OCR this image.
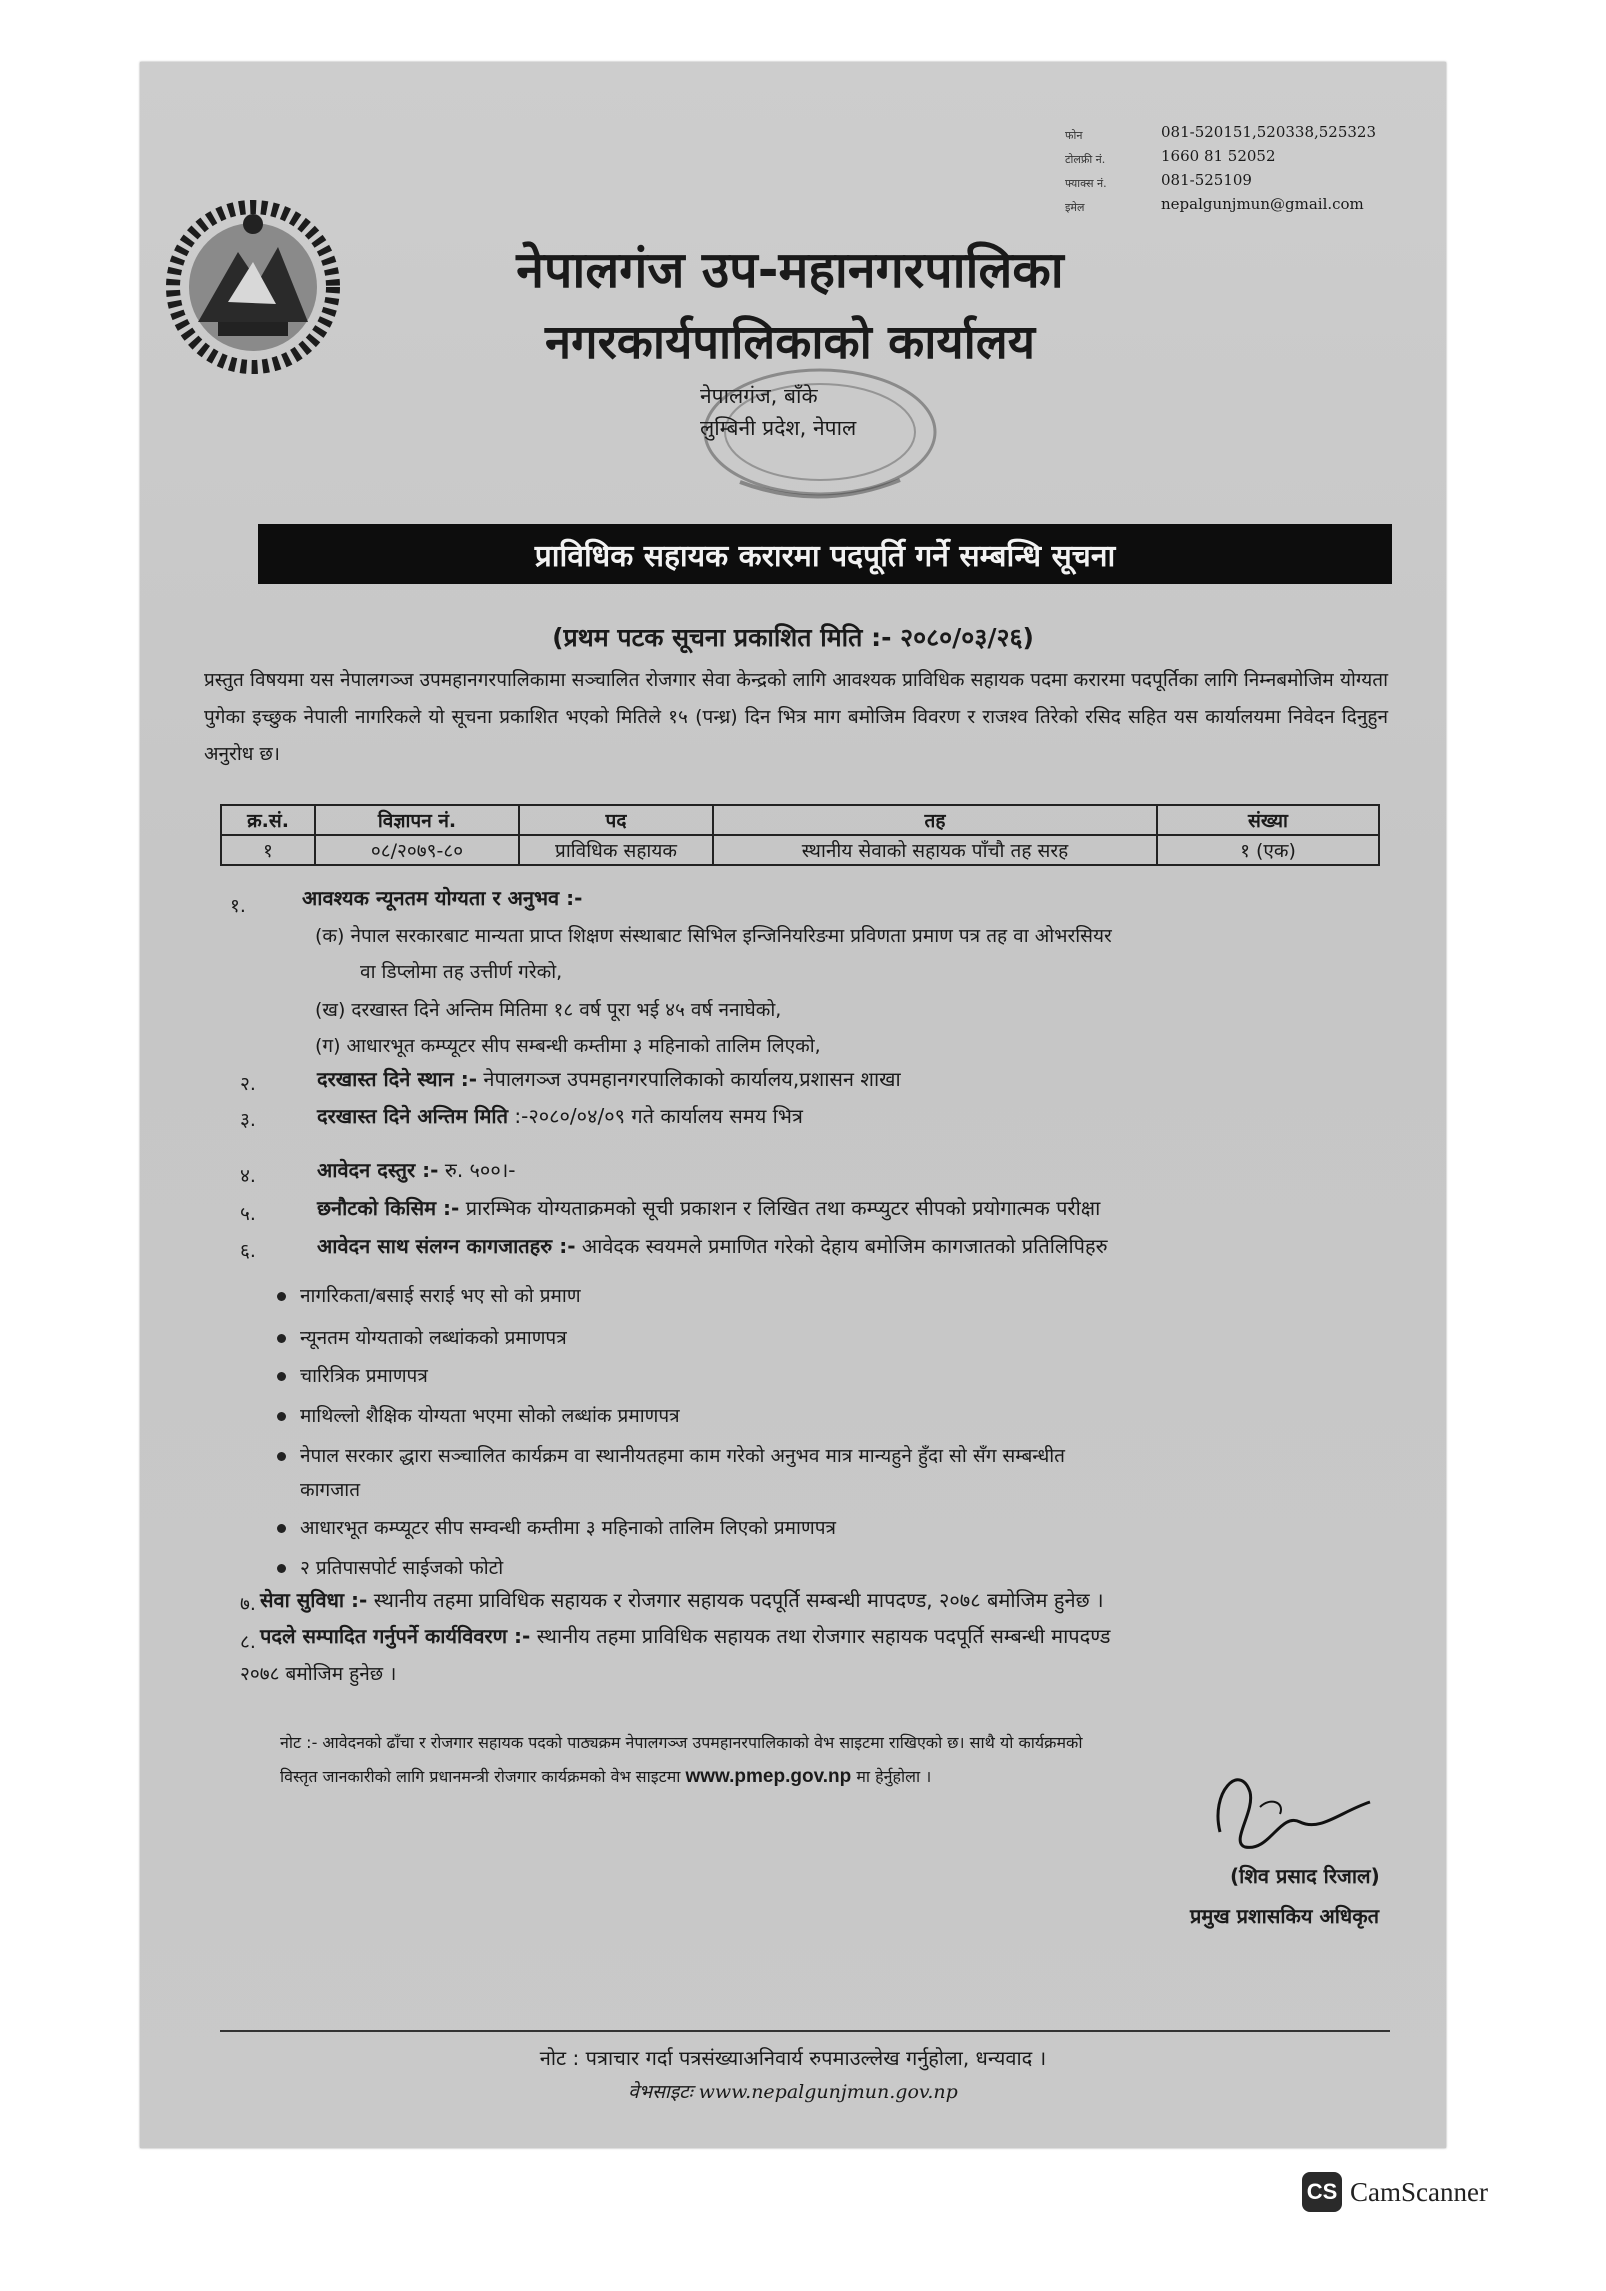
फोन	081-520151,520338,525323
टोलफ्री नं.	1660 81 52052
फ्याक्स नं.	081-525109
इमेल	nepalgunjmun@gmail.com
नेपालगंज उप-महानगरपालिका
नगरकार्यपालिकाको कार्यालय
नेपालगंज, बाँके
लुम्बिनी प्रदेश, नेपाल
प्राविधिक सहायक करारमा पदपूर्ति गर्ने सम्बन्धि सूचना
(प्रथम पटक सूचना प्रकाशित मिति :- २०८०/०३/२६)
प्रस्तुत विषयमा यस नेपालगञ्ज उपमहानगरपालिकामा सञ्चालित रोजगार सेवा केन्द्रको लागि आवश्यक प्राविधिक सहायक पदमा करारमा पदपूर्तिका लागि निम्नबमोजिम योग्यता पुगेका इच्छुक नेपाली नागरिकले यो सूचना प्रकाशित भएको मितिले १५ (पन्ध्र) दिन भित्र माग बमोजिम विवरण र राजश्व तिरेको रसिद सहित यस कार्यालयमा निवेदन दिनुहुन अनुरोध छ।
क्र.सं.	विज्ञापन नं.	पद	तह	संख्या
१	०८/२०७९-८०	प्राविधिक सहायक	स्थानीय सेवाको सहायक पाँचौ तह सरह	१ (एक)
१.	आवश्यक न्यूनतम योग्यता र अनुभव :-
(क) नेपाल सरकारबाट मान्यता प्राप्त शिक्षण संस्थाबाट सिभिल इन्जिनियरिङमा प्रविणता प्रमाण पत्र तह वा ओभरसियर
वा डिप्लोमा तह उत्तीर्ण गरेको,
(ख) दरखास्त दिने अन्तिम मितिमा १८ वर्ष पूरा भई ४५ वर्ष ननाघेको,
(ग) आधारभूत कम्प्यूटर सीप सम्बन्धी कम्तीमा ३ महिनाको तालिम लिएको,
२.	दरखास्त दिने स्थान :- नेपालगञ्ज उपमहानगरपालिकाको कार्यालय,प्रशासन शाखा
३.	दरखास्त दिने अन्तिम मिति :-२०८०/०४/०९ गते कार्यालय समय भित्र
४.	आवेदन दस्तुर :- रु. ५००।-
५.	छनौटको किसिम :- प्रारम्भिक योग्यताक्रमको सूची प्रकाशन र लिखित तथा कम्प्युटर सीपको प्रयोगात्मक परीक्षा
६.	आवेदन साथ संलग्न कागजातहरु :- आवेदक स्वयमले प्रमाणित गरेको देहाय बमोजिम कागजातको प्रतिलिपिहरु
नागरिकता/बसाई सराई भए सो को प्रमाण
न्यूनतम योग्यताको लब्धांकको प्रमाणपत्र
चारित्रिक प्रमाणपत्र
माथिल्लो शैक्षिक योग्यता भएमा सोको लब्धांक प्रमाणपत्र
नेपाल सरकार द्धारा सञ्चालित कार्यक्रम वा स्थानीयतहमा काम गरेको अनुभव मात्र मान्यहुने हुँदा सो सँग सम्बन्धीत
कागजात
आधारभूत कम्प्यूटर सीप सम्वन्धी कम्तीमा ३ महिनाको तालिम लिएको प्रमाणपत्र
२ प्रतिपासपोर्ट साईजको फोटो
७. सेवा सुविधा :- स्थानीय तहमा प्राविधिक सहायक र रोजगार सहायक पदपूर्ति सम्बन्धी मापदण्ड, २०७८ बमोजिम हुनेछ ।
८. पदले सम्पादित गर्नुपर्ने कार्यविवरण :- स्थानीय तहमा प्राविधिक सहायक तथा रोजगार सहायक पदपूर्ति सम्बन्धी मापदण्ड
२०७८ बमोजिम हुनेछ ।
नोट :- आवेदनको ढाँचा र रोजगार सहायक पदको पाठ्यक्रम नेपालगञ्ज उपमहानरपालिकाको वेभ साइटमा राखिएको छ। साथै यो कार्यक्रमको
विस्तृत जानकारीको लागि प्रधानमन्त्री रोजगार कार्यक्रमको वेभ साइटमा www.pmep.gov.np मा हेर्नुहोला ।
(शिव प्रसाद रिजाल)
प्रमुख प्रशासकिय अधिकृत
नोट : पत्राचार गर्दा पत्रसंख्याअनिवार्य रुपमाउल्लेख गर्नुहोला, धन्यवाद ।
वेभसाइटः www.nepalgunjmun.gov.np
CS CamScanner
